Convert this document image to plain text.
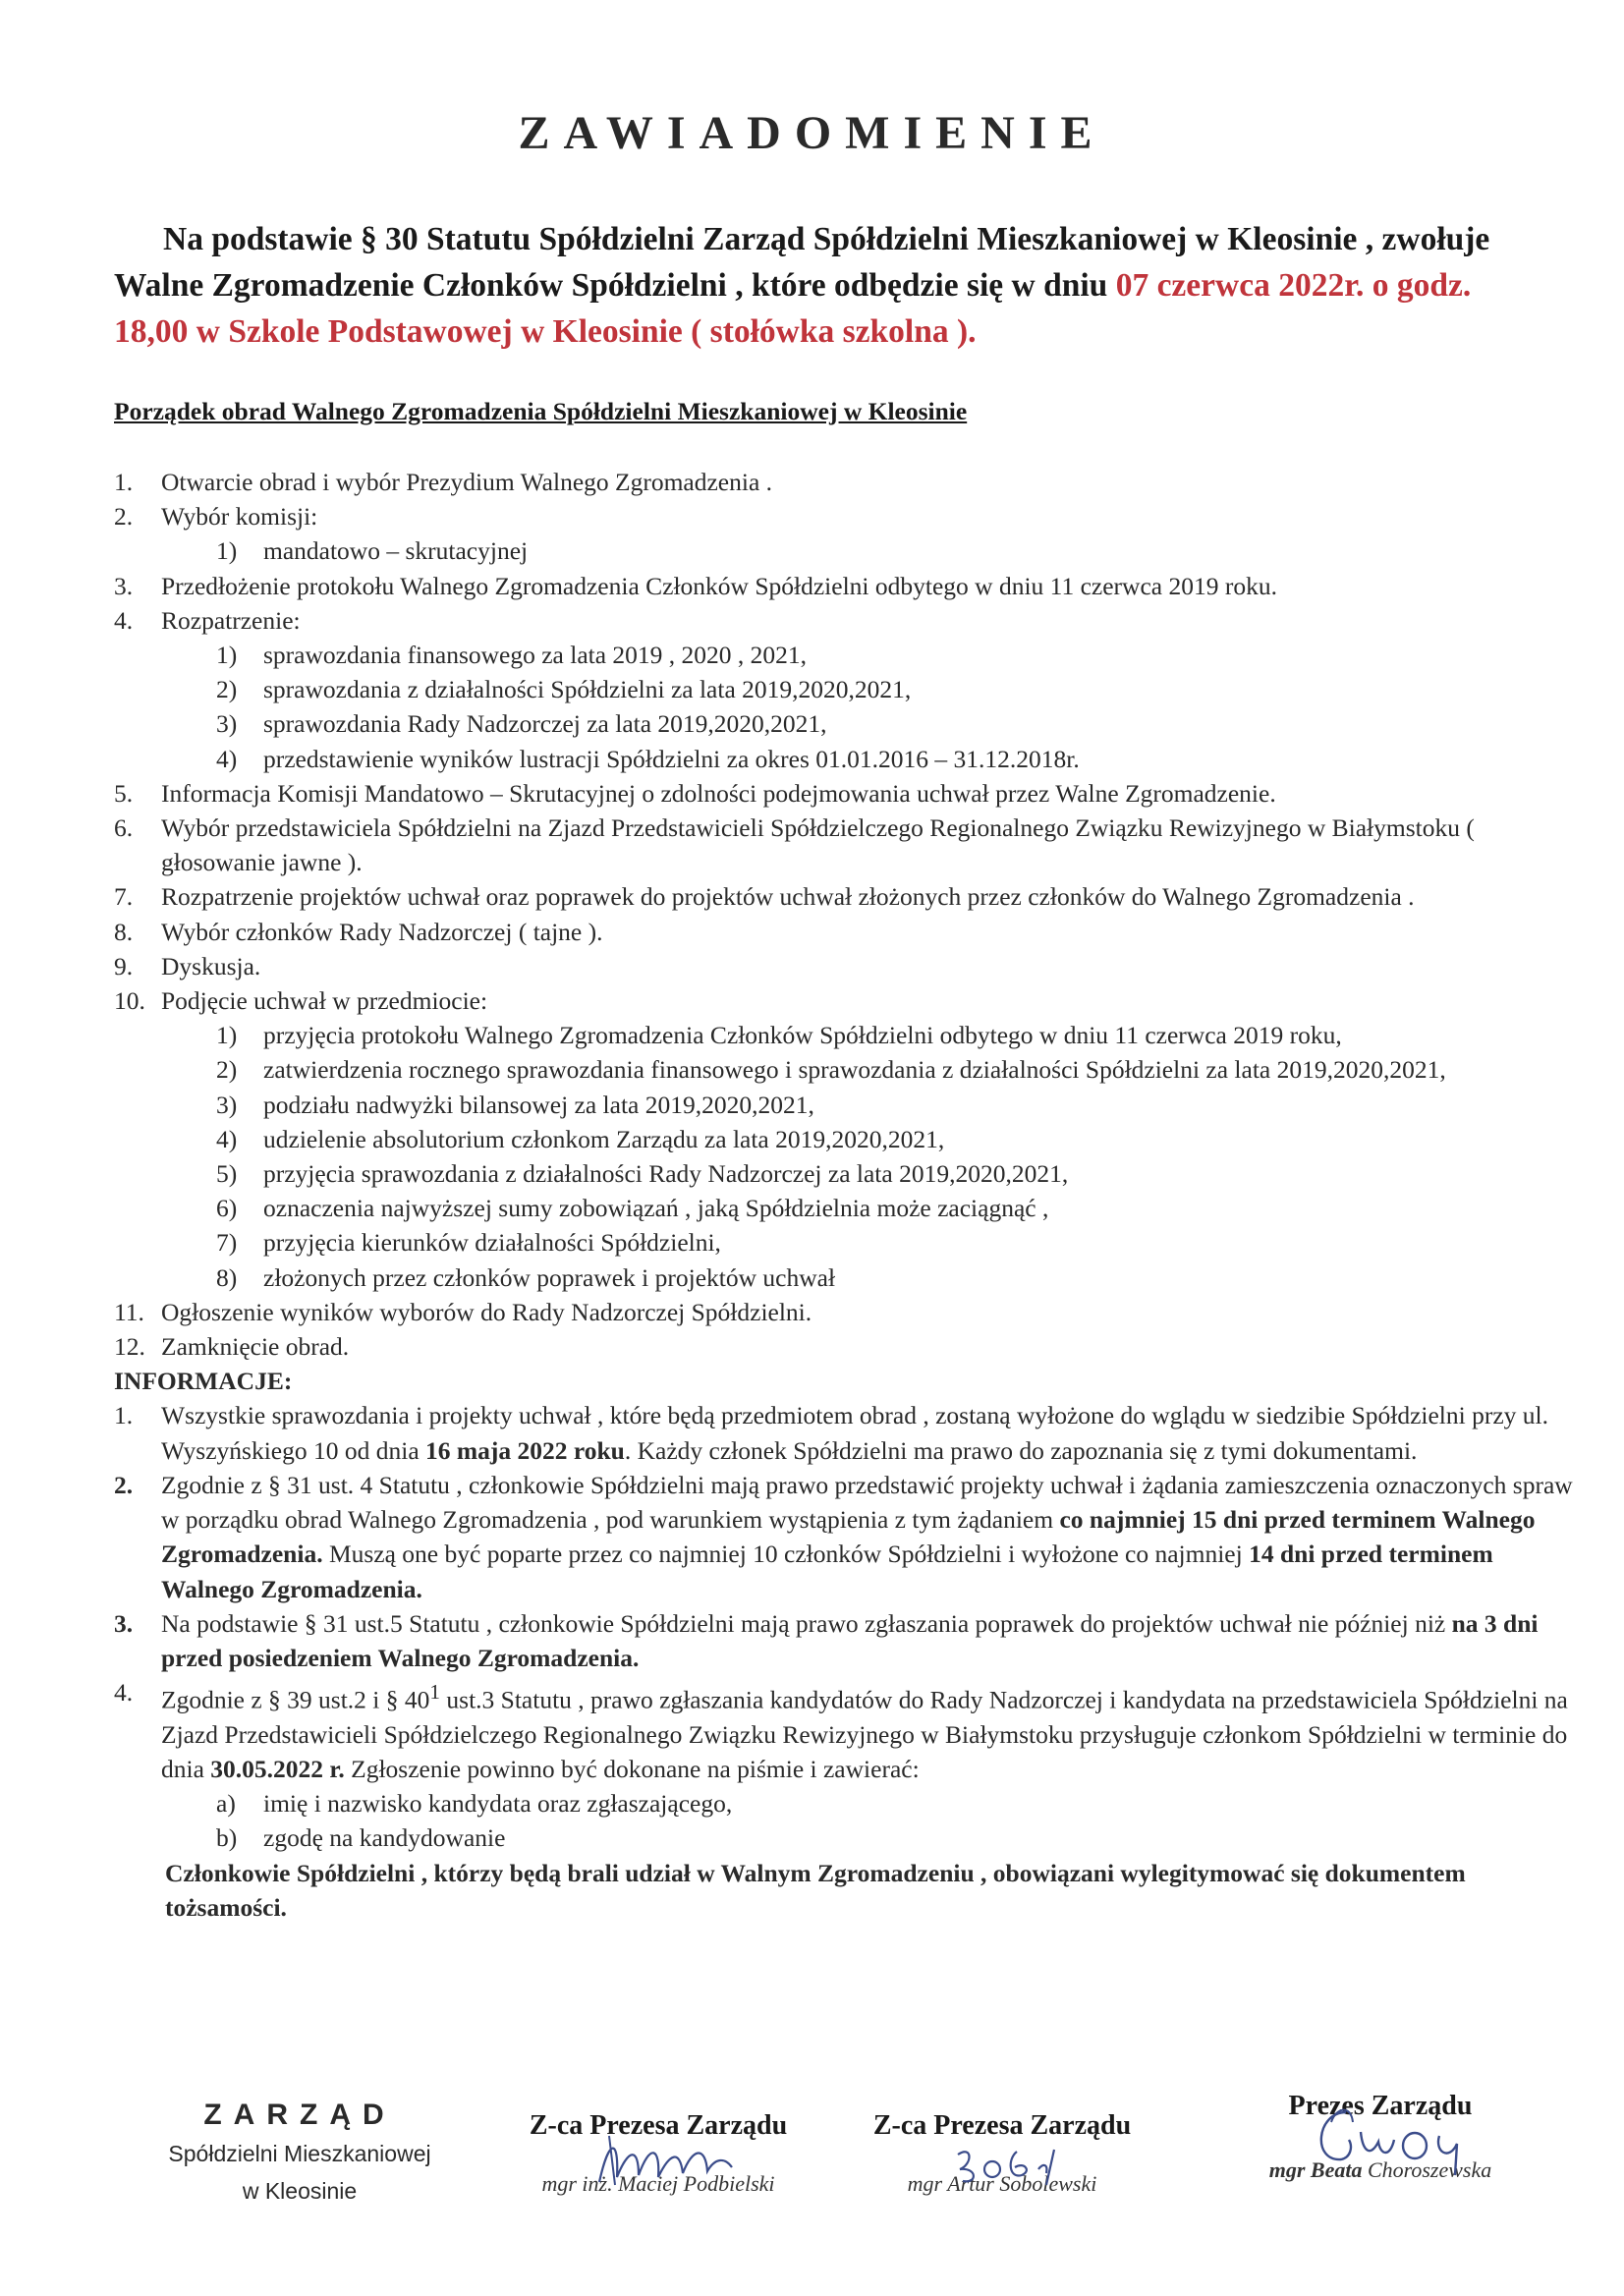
ZAWIADOMIENIE
Na podstawie § 30 Statutu Spółdzielni Zarząd Spółdzielni Mieszkaniowej w Kleosinie , zwołuje Walne Zgromadzenie Członków Spółdzielni , które odbędzie się w dniu 07 czerwca 2022r. o godz. 18,00 w Szkole Podstawowej w Kleosinie ( stołówka szkolna ).
Porządek obrad Walnego Zgromadzenia Spółdzielni Mieszkaniowej w Kleosinie
1.	Otwarcie obrad i wybór Prezydium Walnego Zgromadzenia .
2.	Wybór komisji:
1)	mandatowo – skrutacyjnej
3.	Przedłożenie protokołu Walnego Zgromadzenia Członków Spółdzielni odbytego w dniu 11 czerwca 2019 roku.
4.	Rozpatrzenie:
1)	sprawozdania finansowego za lata 2019 , 2020 , 2021,
2)	sprawozdania z działalności Spółdzielni za lata 2019,2020,2021,
3)	sprawozdania Rady Nadzorczej za lata 2019,2020,2021,
4)	przedstawienie wyników lustracji Spółdzielni za okres 01.01.2016 – 31.12.2018r.
5.	Informacja Komisji Mandatowo – Skrutacyjnej o zdolności podejmowania uchwał przez Walne Zgromadzenie.
6.	Wybór przedstawiciela Spółdzielni na Zjazd Przedstawicieli Spółdzielczego Regionalnego Związku Rewizyjnego w Białymstoku ( głosowanie jawne ).
7.	Rozpatrzenie projektów uchwał oraz poprawek do projektów uchwał złożonych przez członków do Walnego Zgromadzenia .
8.	Wybór członków Rady Nadzorczej ( tajne ).
9.	Dyskusja.
10. Podjęcie uchwał w przedmiocie:
1)	przyjęcia protokołu Walnego Zgromadzenia Członków Spółdzielni odbytego w dniu 11 czerwca 2019 roku,
2)	zatwierdzenia rocznego sprawozdania finansowego i sprawozdania z działalności Spółdzielni za lata 2019,2020,2021,
3)	podziału nadwyżki bilansowej za lata 2019,2020,2021,
4)	udzielenie absolutorium członkom Zarządu za lata 2019,2020,2021,
5)	przyjęcia sprawozdania z działalności Rady Nadzorczej za lata 2019,2020,2021,
6)	oznaczenia najwyższej sumy zobowiązań , jaką Spółdzielnia może zaciągnąć ,
7)	przyjęcia kierunków działalności Spółdzielni,
8)	złożonych przez członków poprawek i projektów uchwał
11. Ogłoszenie wyników wyborów do Rady Nadzorczej Spółdzielni.
12. Zamknięcie obrad.
INFORMACJE:
1.	Wszystkie sprawozdania i projekty uchwał , które będą przedmiotem obrad , zostaną wyłożone do wglądu w siedzibie Spółdzielni przy ul. Wyszyńskiego 10 od dnia 16 maja 2022 roku. Każdy członek Spółdzielni ma prawo do zapoznania się z tymi dokumentami.
2.	Zgodnie z § 31 ust. 4 Statutu , członkowie Spółdzielni mają prawo przedstawić projekty uchwał i żądania zamieszczenia oznaczonych spraw w porządku obrad Walnego Zgromadzenia , pod warunkiem wystąpienia z tym żądaniem co najmniej 15 dni przed terminem Walnego Zgromadzenia. Muszą one być poparte przez co najmniej 10 członków Spółdzielni i wyłożone co najmniej 14 dni przed terminem Walnego Zgromadzenia.
3.	Na podstawie § 31 ust.5 Statutu , członkowie Spółdzielni mają prawo zgłaszania poprawek do projektów uchwał nie później niż na 3 dni przed posiedzeniem Walnego Zgromadzenia.
4.	Zgodnie z § 39 ust.2 i § $40^1$ ust.3 Statutu , prawo zgłaszania kandydatów do Rady Nadzorczej i kandydata na przedstawiciela Spółdzielni na Zjazd Przedstawicieli Spółdzielczego Regionalnego Związku Rewizyjnego w Białymstoku przysługuje członkom Spółdzielni w terminie do dnia 30.05.2022 r. Zgłoszenie powinno być dokonane na piśmie i zawierać:
a)	imię i nazwisko kandydata oraz zgłaszającego,
b)	zgodę na kandydowanie
Członkowie Spółdzielni , którzy będą brali udział w Walnym Zgromadzeniu , obowiązani wylegitymować się dokumentem tożsamości.
ZARZĄD
Spółdzielni Mieszkaniowej
w Kleosinie
Z-ca Prezesa Zarządu
mgr inż. Maciej Podbielski
Z-ca Prezesa Zarządu
mgr Artur Sobolewski
Prezes Zarządu
mgr Beata Choroszewska
